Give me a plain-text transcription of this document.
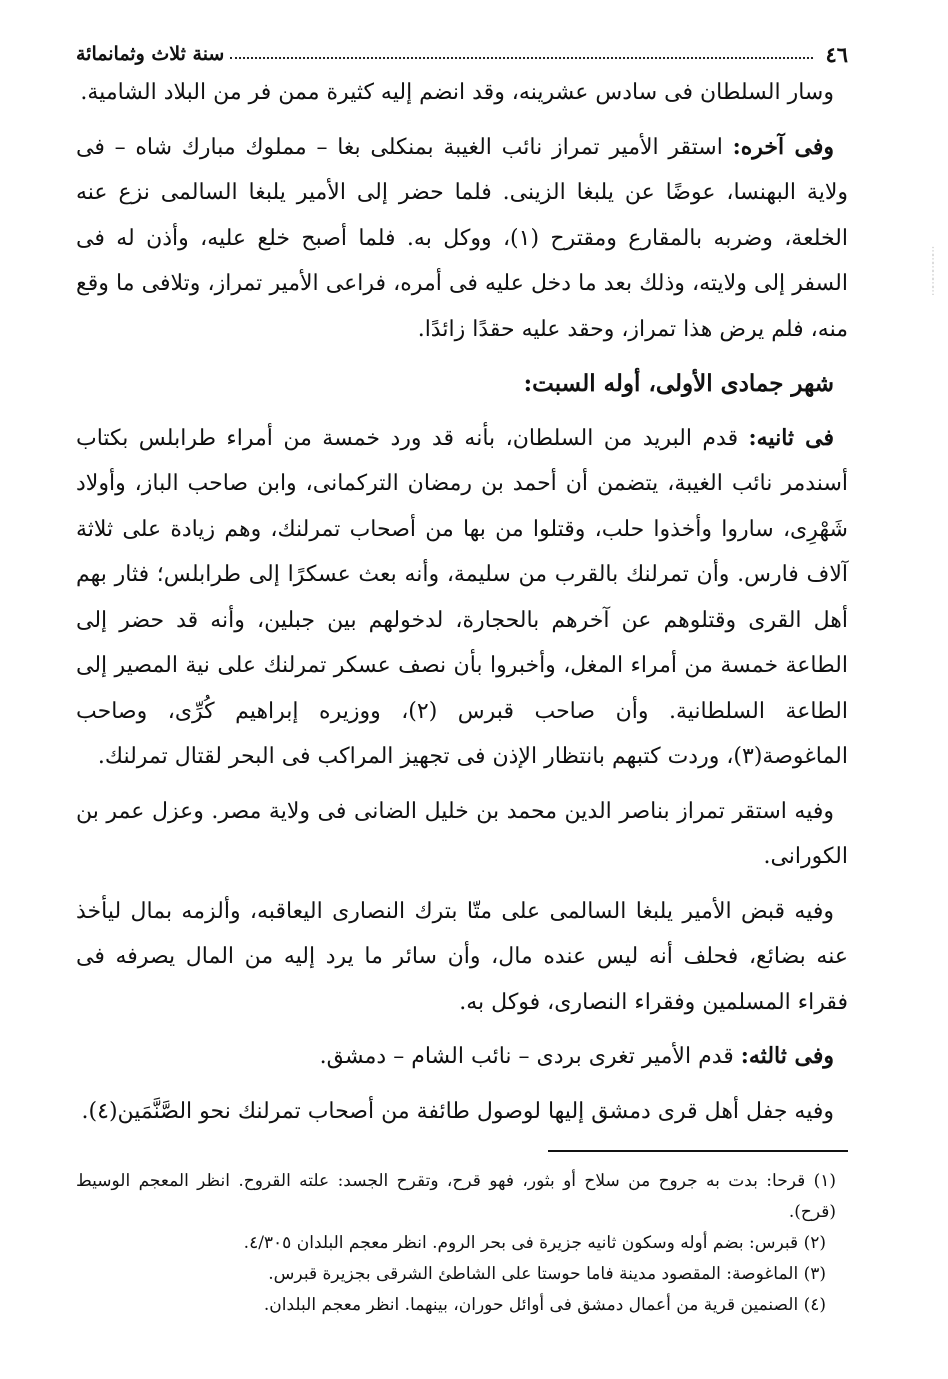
٤٦
سنة ثلاث وثمانمائة

وسار السلطان فى سادس عشرينه، وقد انضم إليه كثيرة ممن فر من البلاد الشامية.

وفى آخره: استقر الأمير تمراز نائب الغيبة بمنكلى بغا – مملوك مبارك شاه – فى ولاية البهنسا، عوضًا عن يلبغا الزينى. فلما حضر إلى الأمير يلبغا السالمى نزع عنه الخلعة، وضربه بالمقارع ومقترح (١)، ووكل به. فلما أصبح خلع عليه، وأذن له فى السفر إلى ولايته، وذلك بعد ما دخل عليه فى أمره، فراعى الأمير تمراز، وتلافى ما وقع منه، فلم يرض هذا تمراز، وحقد عليه حقدًا زائدًا.

شهر جمادى الأولى، أوله السبت:

فى ثانيه: قدم البريد من السلطان، بأنه قد ورد خمسة من أمراء طرابلس بكتاب أسندمر نائب الغيبة، يتضمن أن أحمد بن رمضان التركمانى، وابن صاحب الباز، وأولاد شَهْرِى، ساروا وأخذوا حلب، وقتلوا من بها من أصحاب تمرلنك، وهم زيادة على ثلاثة آلاف فارس. وأن تمرلنك بالقرب من سليمة، وأنه بعث عسكرًا إلى طرابلس؛ فثار بهم أهل القرى وقتلوهم عن آخرهم بالحجارة، لدخولهم بين جبلين، وأنه قد حضر إلى الطاعة خمسة من أمراء المغل، وأخبروا بأن نصف عسكر تمرلنك على نية المصير إلى الطاعة السلطانية. وأن صاحب قبرس (٢)، ووزيره إبراهيم كُرِّى، وصاحب الماغوصة(٣)، وردت كتبهم بانتظار الإذن فى تجهيز المراكب فى البحر لقتال تمرلنك.

وفيه استقر تمراز بناصر الدين محمد بن خليل الضانى فى ولاية مصر. وعزل عمر بن الكورانى.

وفيه قبض الأمير يلبغا السالمى على متّا بترك النصارى اليعاقبه، وألزمه بمال ليأخذ عنه بضائع، فحلف أنه ليس عنده مال، وأن سائر ما يرد إليه من المال يصرفه فى فقراء المسلمين وفقراء النصارى، فوكل به.

وفى ثالثه: قدم الأمير تغرى بردى – نائب الشام – دمشق.

وفيه جفل أهل قرى دمشق إليها لوصول طائفة من أصحاب تمرلنك نحو الصَّنَّمَين(٤).

(١) قرحا: بدت به جروح من سلاح أو بثور، فهو قرح، وتقرح الجسد: علته القروح. انظر المعجم الوسيط (قرح).

(٢) قبرس: بضم أوله وسكون ثانيه جزيرة فى بحر الروم. انظر معجم البلدان ٤/٣٠٥.

(٣) الماغوصة: المقصود مدينة فاما حوستا على الشاطئ الشرقى بجزيرة قبرس.

(٤) الصنمين قرية من أعمال دمشق فى أوائل حوران، بينهما. انظر معجم البلدان.

⋮
⋮
⋮
⋮
⋮
⋮
